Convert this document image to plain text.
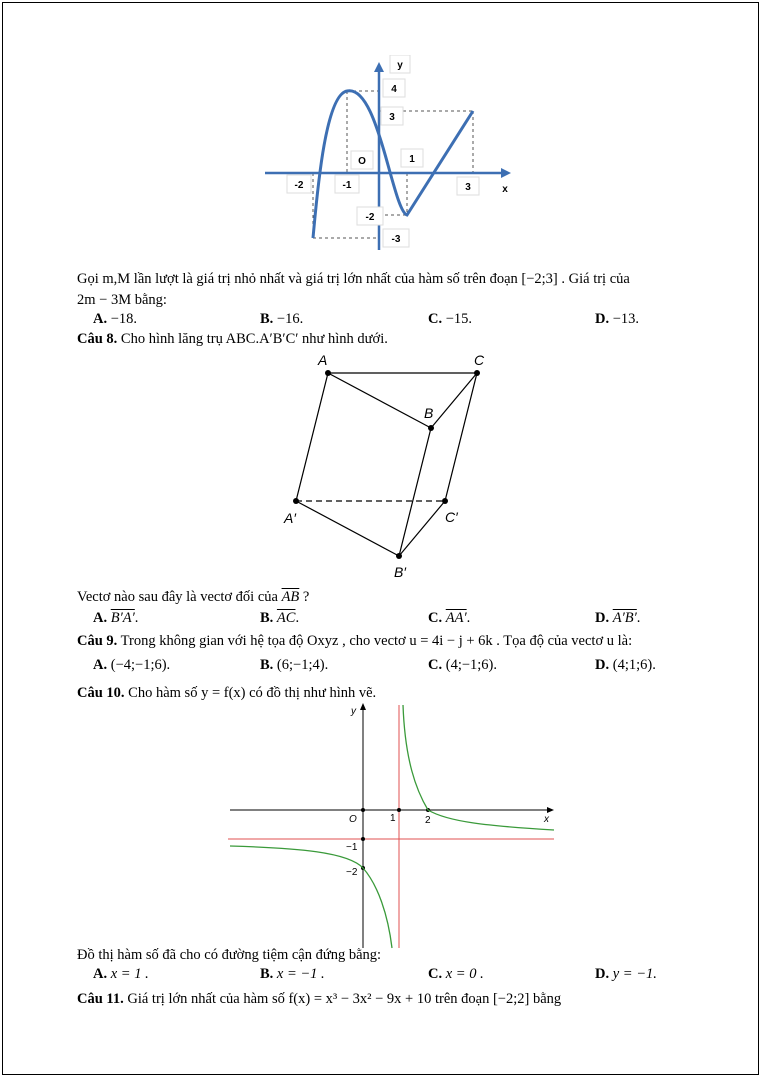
y
4
3
O	1
-2	-1	3	x
-2
-3
Gọi m,M lần lượt là giá trị nhỏ nhất và giá trị lớn nhất của hàm số trên đoạn [−2;3] . Giá trị của
2m − 3M bằng:
A. −18.	B. −16.	C. −15.	D. −13.
Câu 8. Cho hình lăng trụ ABC.A′B′C′ như hình dưới.
A	C
B
A′	C′
B′
Vectơ nào sau đây là vectơ đối của $\overline{AB}$ ?
A. B′A′.	B. $\overline{AC}$.	C. AA′.	D. A′B′.
Câu 9. Trong không gian với hệ tọa độ Oxyz , cho vectơ u = 4i − j + 6k . Tọa độ của vectơ u là:
A. (−4;−1;6).	B. (6;−1;4).	C. (4;−1;6).	D. (4;1;6).
Câu 10. Cho hàm số y = f(x) có đồ thị như hình vẽ.
y
x
O	1	2
−1
−2
Đồ thị hàm số đã cho có đường tiệm cận đứng bằng:
A. x = 1 .	B. x = −1 .	C. x = 0 .	D. y = −1.
Câu 11. Giá trị lớn nhất của hàm số f(x) = x³ − 3x² − 9x + 10 trên đoạn [−2;2] bằng
